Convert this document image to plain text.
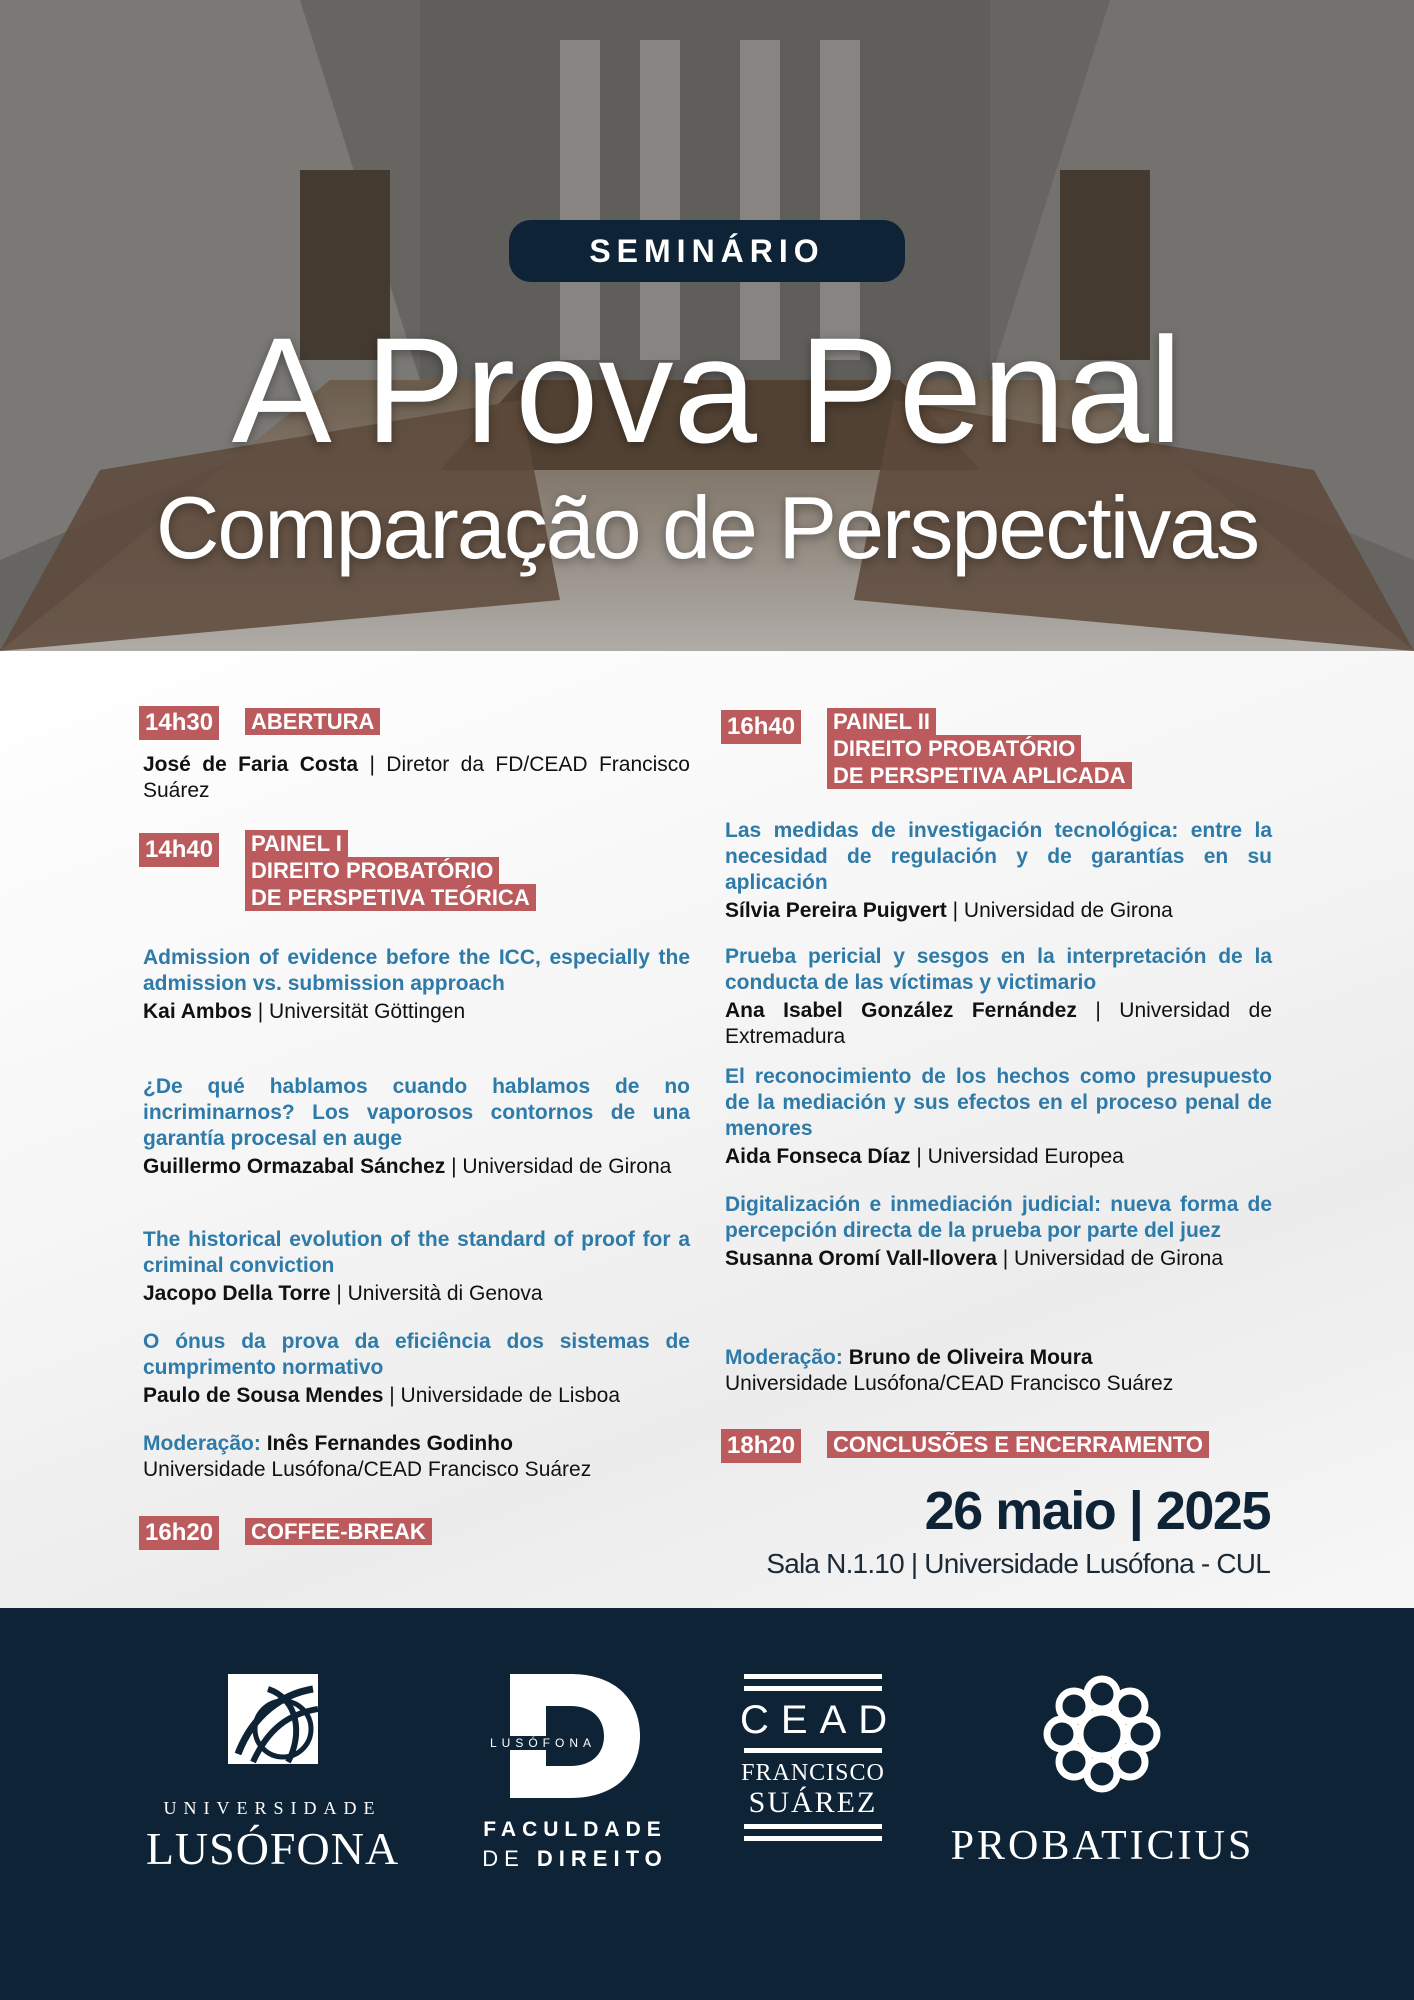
SEMINÁRIO
A Prova Penal
Comparação de Perspectivas
14h30 ABERTURA
José de Faria Costa | Diretor da FD/CEAD Francisco Suárez
14h40 PAINEL I
DIREITO PROBATÓRIO
DE PERSPETIVA TEÓRICA
Admission of evidence before the ICC, especially the admission vs. submission approach
Kai Ambos | Universität Göttingen
¿De qué hablamos cuando hablamos de no incriminarnos? Los vaporosos contornos de una garantía procesal en auge
Guillermo Ormazabal Sánchez | Universidad de Girona
The historical evolution of the standard of proof for a criminal conviction
Jacopo Della Torre | Università di Genova
O ónus da prova da eficiência dos sistemas de cumprimento normativo
Paulo de Sousa Mendes | Universidade de Lisboa
Moderação: Inês Fernandes Godinho
Universidade Lusófona/CEAD Francisco Suárez
16h20 COFFEE-BREAK
16h40 PAINEL II
DIREITO PROBATÓRIO
DE PERSPETIVA APLICADA
Las medidas de investigación tecnológica: entre la necesidad de regulación y de garantías en su aplicación
Sílvia Pereira Puigvert | Universidad de Girona
Prueba pericial y sesgos en la interpretación de la conducta de las víctimas y victimario
Ana Isabel González Fernández | Universidad de Extremadura
El reconocimiento de los hechos como presupuesto de la mediación y sus efectos en el proceso penal de menores
Aida Fonseca Díaz | Universidad Europea
Digitalización e inmediación judicial: nueva forma de percepción directa de la prueba por parte del juez
Susanna Oromí Vall-llovera | Universidad de Girona
Moderação: Bruno de Oliveira Moura
Universidade Lusófona/CEAD Francisco Suárez
18h20 CONCLUSÕES E ENCERRAMENTO
26 maio | 2025
Sala N.1.10 | Universidade Lusófona - CUL
UNIVERSIDADE
LUSÓFONA
LUSÓFONA
FACULDADE
DE DIREITO
CEAD
FRANCISCO
SUÁREZ
PROBATICIUS
